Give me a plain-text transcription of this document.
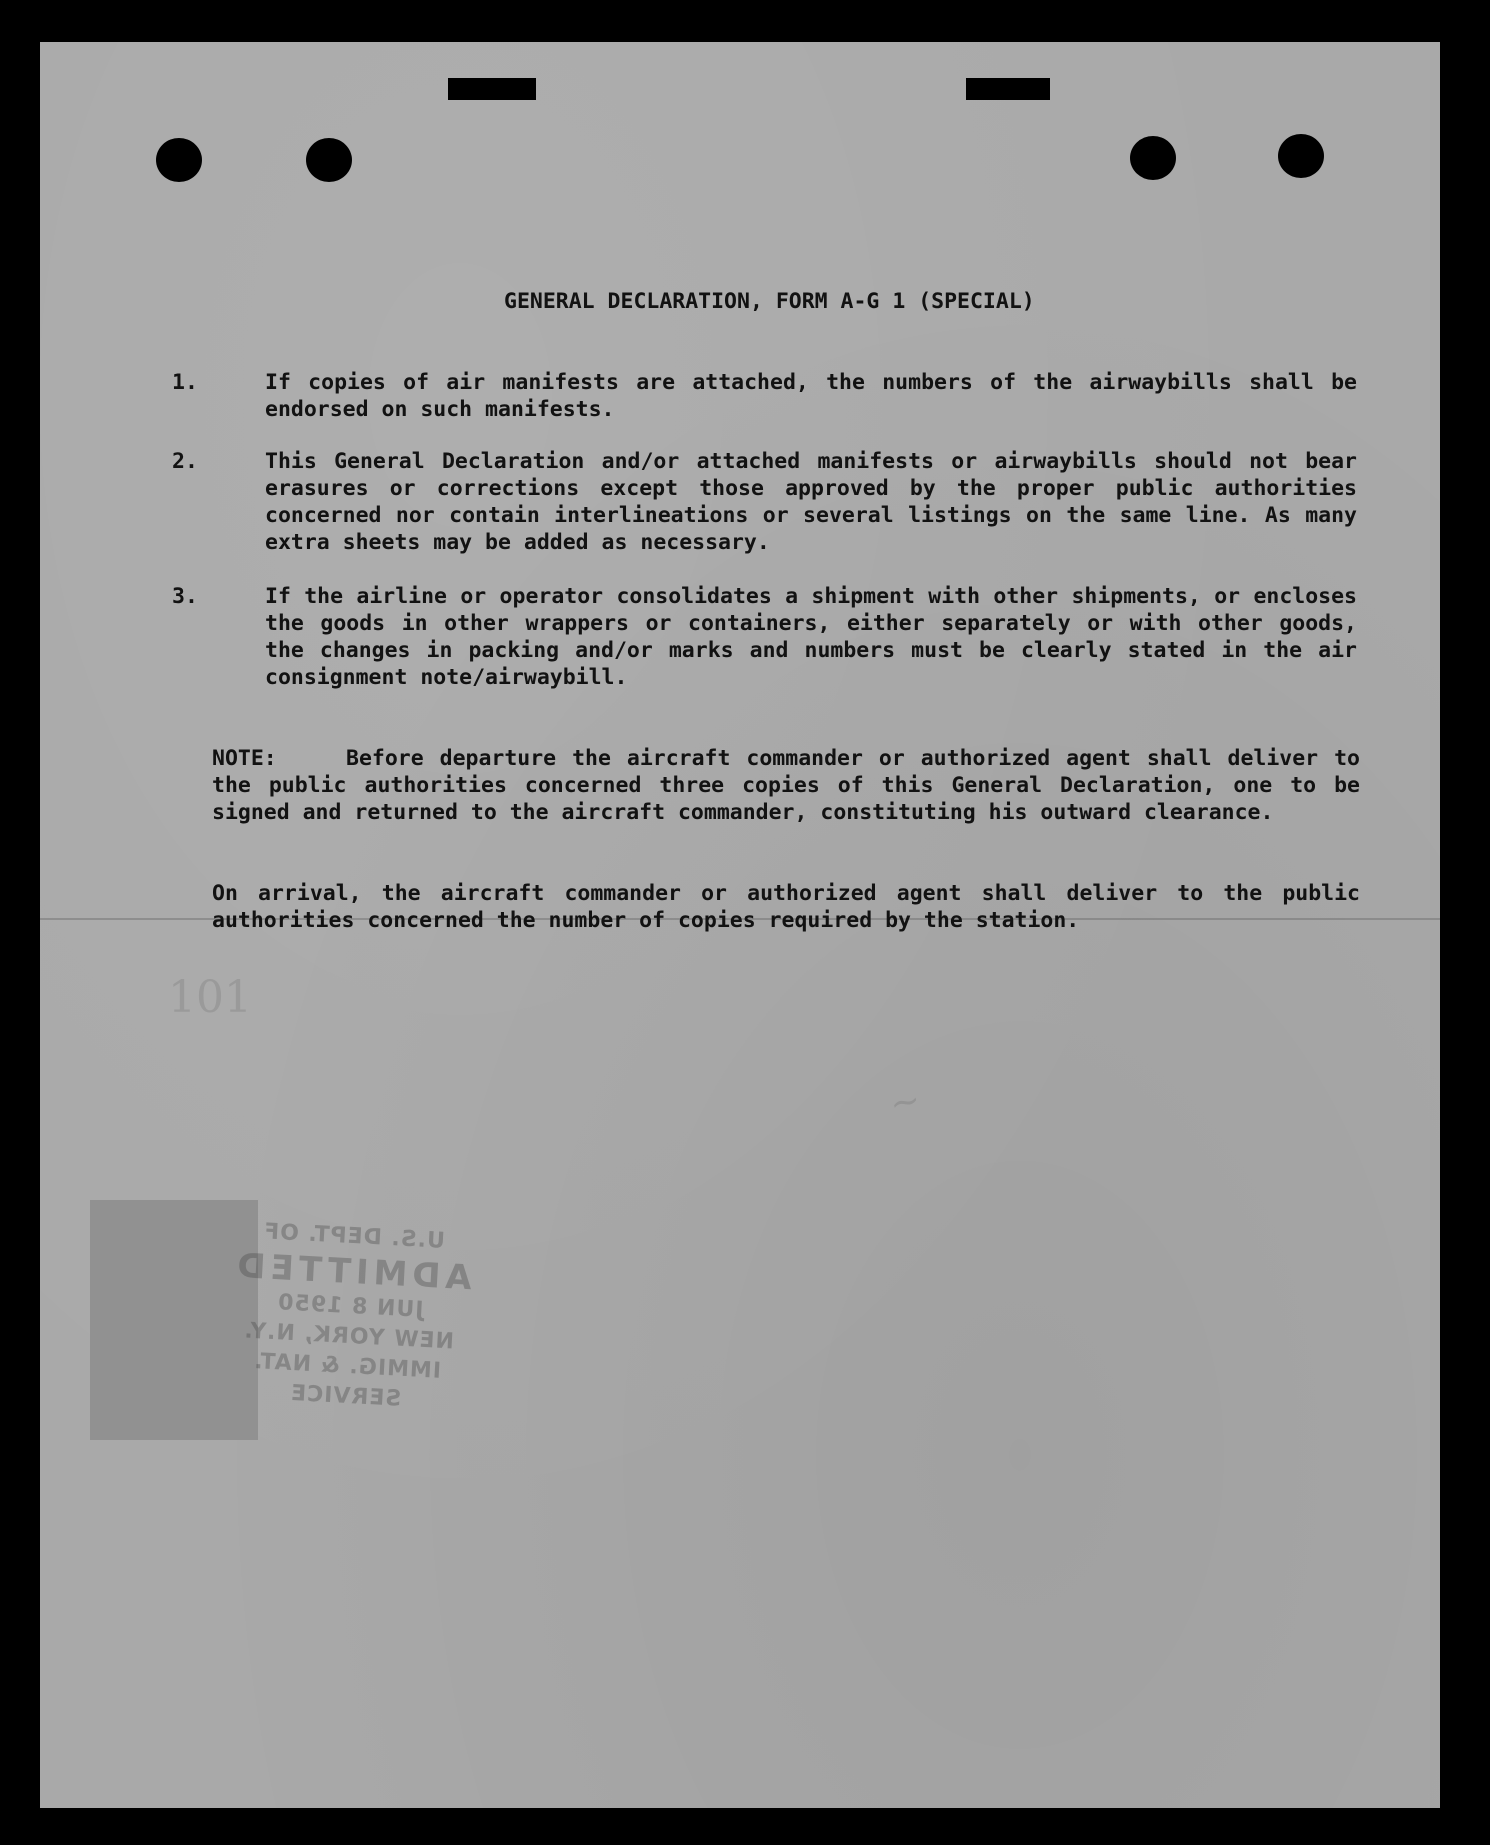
101
~

GENERAL DECLARATION, FORM A-G 1 (SPECIAL)

1.	If copies of air manifests are attached, the numbers of the airwaybills shall be endorsed on such manifests.

2.	This General Declaration and/or attached manifests or airwaybills should not bear erasures or corrections except those approved by the proper public authorities concerned nor contain interlineations or several listings on the same line. As many extra sheets may be added as necessary.

3.	If the airline or operator consolidates a shipment with other shipments, or encloses the goods in other wrappers or containers, either separately or with other goods, the changes in packing and/or marks and numbers must be clearly stated in the air consignment note/airwaybill.

NOTE:	Before departure the aircraft commander or authorized agent shall deliver to the public authorities concerned three copies of this General Declaration, one to be signed and returned to the aircraft commander, constituting his outward clearance.

On arrival, the aircraft commander or authorized agent shall deliver to the public authorities concerned the number of copies required by the station.

U.S. DEPT. OF
ADMITTED
JUN 8 1950
NEW YORK, N.Y.
IMMIG. & NAT. SERVICE
